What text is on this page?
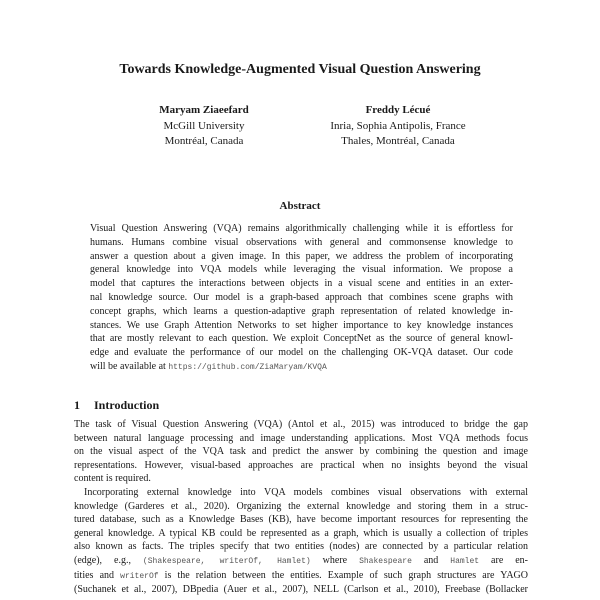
Towards Knowledge-Augmented Visual Question Answering
Maryam Ziaeefard
McGill University
Montréal, Canada
Freddy Lécué
Inria, Sophia Antipolis, France
Thales, Montréal, Canada
Abstract
Visual Question Answering (VQA) remains algorithmically challenging while it is effortless for
humans. Humans combine visual observations with general and commonsense knowledge to
answer a question about a given image. In this paper, we address the problem of incorporating
general knowledge into VQA models while leveraging the visual information. We propose a
model that captures the interactions between objects in a visual scene and entities in an exter-
nal knowledge source. Our model is a graph-based approach that combines scene graphs with
concept graphs, which learns a question-adaptive graph representation of related knowledge in-
stances. We use Graph Attention Networks to set higher importance to key knowledge instances
that are mostly relevant to each question. We exploit ConceptNet as the source of general knowl-
edge and evaluate the performance of our model on the challenging OK-VQA dataset. Our code
will be available at https://github.com/ZiaMaryam/KVQA
1 Introduction
The task of Visual Question Answering (VQA) (Antol et al., 2015) was introduced to bridge the gap
between natural language processing and image understanding applications. Most VQA methods focus
on the visual aspect of the VQA task and predict the answer by combining the question and image
representations. However, visual-based approaches are practical when no insights beyond the visual
content is required.
Incorporating external knowledge into VQA models combines visual observations with external
knowledge (Garderes et al., 2020). Organizing the external knowledge and storing them in a struc-
tured database, such as a Knowledge Bases (KB), have become important resources for representing the
general knowledge. A typical KB could be represented as a graph, which is usually a collection of triples
also known as facts. The triples specify that two entities (nodes) are connected by a particular relation
(edge), e.g., (Shakespeare, writerOf, Hamlet) where Shakespeare and Hamlet are en-
tities and writerOf is the relation between the entities. Example of such graph structures are YAGO
(Suchanek et al., 2007), DBpedia (Auer et al., 2007), NELL (Carlson et al., 2010), Freebase (Bollacker
